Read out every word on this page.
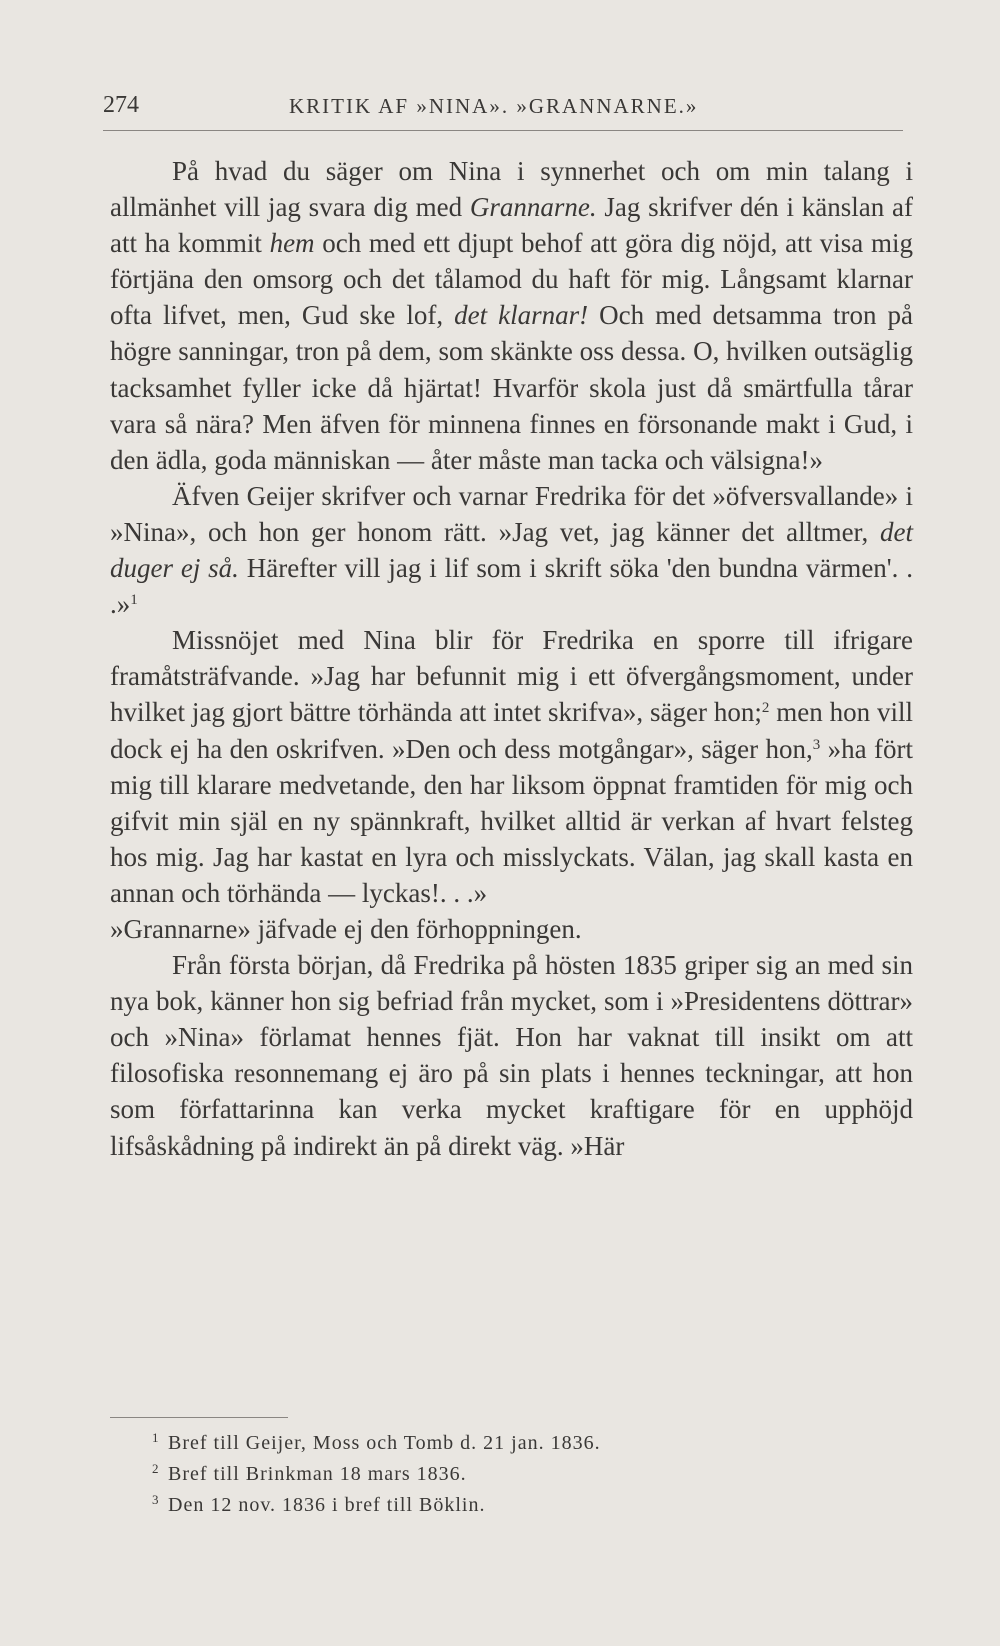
274	KRITIK AF »NINA». »GRANNARNE.»

På hvad du säger om Nina i synnerhet och om min talang i allmänhet vill jag svara dig med Grannarne. Jag skrifver dén i känslan af att ha kommit hem och med ett djupt behof att göra dig nöjd, att visa mig förtjäna den omsorg och det tålamod du haft för mig. Långsamt klarnar ofta lifvet, men, Gud ske lof, det klarnar! Och med detsamma tron på högre sanningar, tron på dem, som skänkte oss dessa. O, hvilken outsäglig tacksamhet fyller icke då hjärtat! Hvarför skola just då smärtfulla tårar vara så nära? Men äfven för minnena finnes en försonande makt i Gud, i den ädla, goda människan — åter måste man tacka och välsigna!»

Äfven Geijer skrifver och varnar Fredrika för det »öfversvallande» i »Nina», och hon ger honom rätt. »Jag vet, jag känner det alltmer, det duger ej så. Härefter vill jag i lif som i skrift söka 'den bundna värmen'. . .»$^1$

Missnöjet med Nina blir för Fredrika en sporre till ifrigare framåtsträfvande. »Jag har befunnit mig i ett öfvergångsmoment, under hvilket jag gjort bättre törhända att intet skrifva», säger hon;$^2$ men hon vill dock ej ha den oskrifven. »Den och dess motgångar», säger hon,$^3$ »ha fört mig till klarare medvetande, den har liksom öppnat framtiden för mig och gifvit min själ en ny spännkraft, hvilket alltid är verkan af hvart felsteg hos mig. Jag har kastat en lyra och misslyckats. Välan, jag skall kasta en annan och törhända — lyckas!. . .»

»Grannarne» jäfvade ej den förhoppningen.

Från första början, då Fredrika på hösten 1835 griper sig an med sin nya bok, känner hon sig befriad från mycket, som i »Presidentens döttrar» och »Nina» förlamat hennes fjät. Hon har vaknat till insikt om att filosofiska resonnemang ej äro på sin plats i hennes teckningar, att hon som författarinna kan verka mycket kraftigare för en upphöjd lifsåskådning på indirekt än på direkt väg. »Här

1 Bref till Geijer, Moss och Tomb d. 21 jan. 1836.
2 Bref till Brinkman 18 mars 1836.
3 Den 12 nov. 1836 i bref till Böklin.
